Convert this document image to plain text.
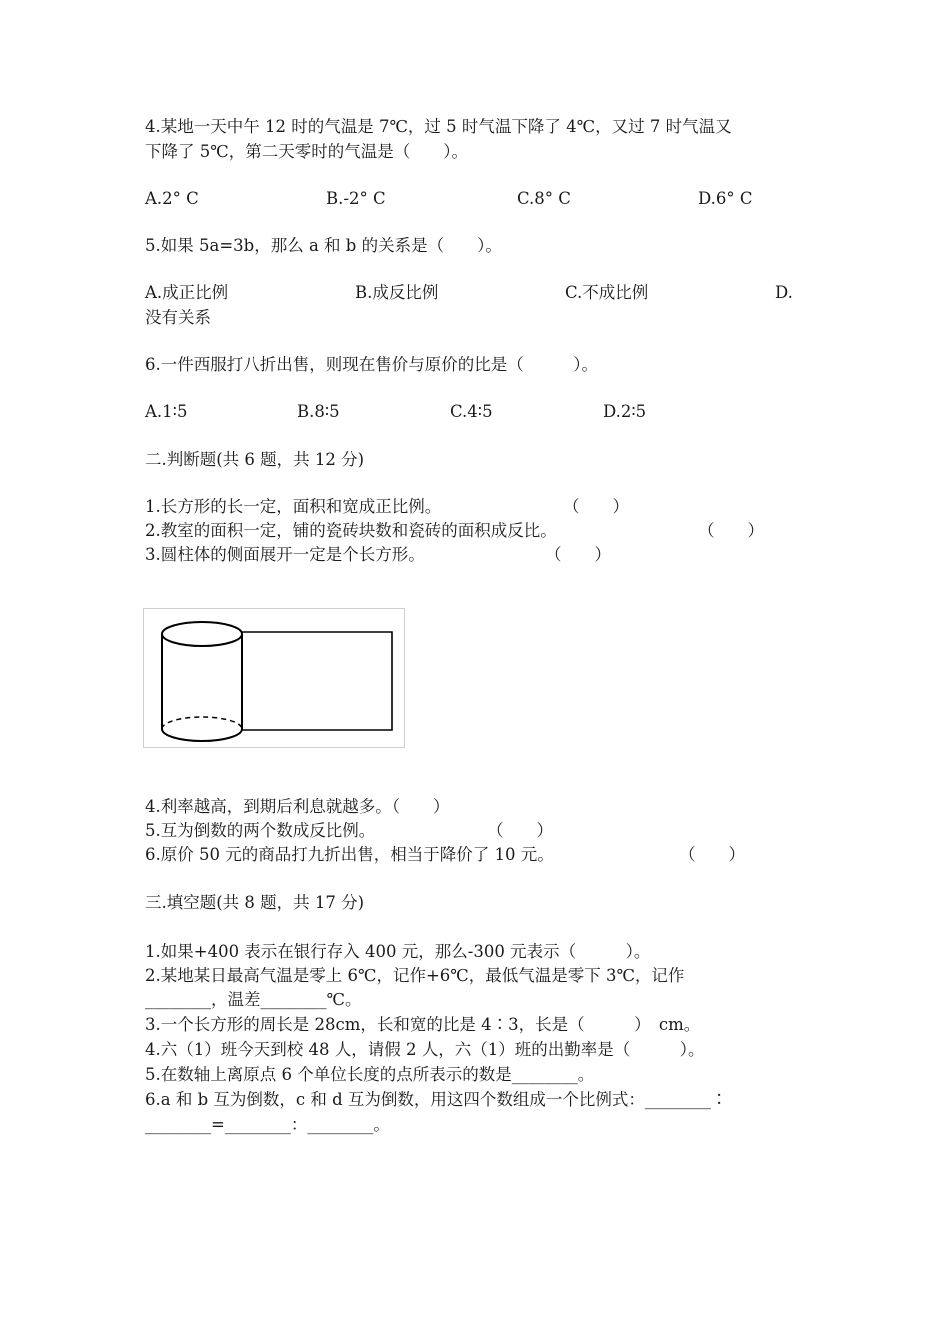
4.某地一天中午 12 时的气温是 7℃，过 5 时气温下降了 4℃，又过 7 时气温又
下降了 5℃，第二天零时的气温是（　　）。
A.2° C	B.-2° C	C.8° C	D.6° C
5.如果 5a=3b，那么 a 和 b 的关系是（　　）。
A.成正比例	B.成反比例	C.不成比例	D.
没有关系
6.一件西服打八折出售，则现在售价与原价的比是（　　　）。
A.1∶5	B.8∶5	C.4∶5	D.2∶5
二.判断题(共 6 题，共 12 分)
1.长方形的长一定，面积和宽成正比例。	（　　）
2.教室的面积一定，铺的瓷砖块数和瓷砖的面积成反比。	（　　）
3.圆柱体的侧面展开一定是个长方形。	（　　）
4.利率越高，到期后利息就越多。（　　）
5.互为倒数的两个数成反比例。	（　　）
6.原价 50 元的商品打九折出售，相当于降价了 10 元。	（　　）
三.填空题(共 8 题，共 17 分)
1.如果+400 表示在银行存入 400 元，那么-300 元表示（　　　）。
2.某地某日最高气温是零上 6℃，记作+6℃，最低气温是零下 3℃，记作
________，温差________℃。
3.一个长方形的周长是 28cm，长和宽的比是 4∶3，长是（　　　）　cm。
4.六（1）班今天到校 48 人，请假 2 人，六（1）班的出勤率是（　　　）。
5.在数轴上离原点 6 个单位长度的点所表示的数是________。
6.a 和 b 互为倒数，c 和 d 互为倒数，用这四个数组成一个比例式：________∶
________=________：________。
